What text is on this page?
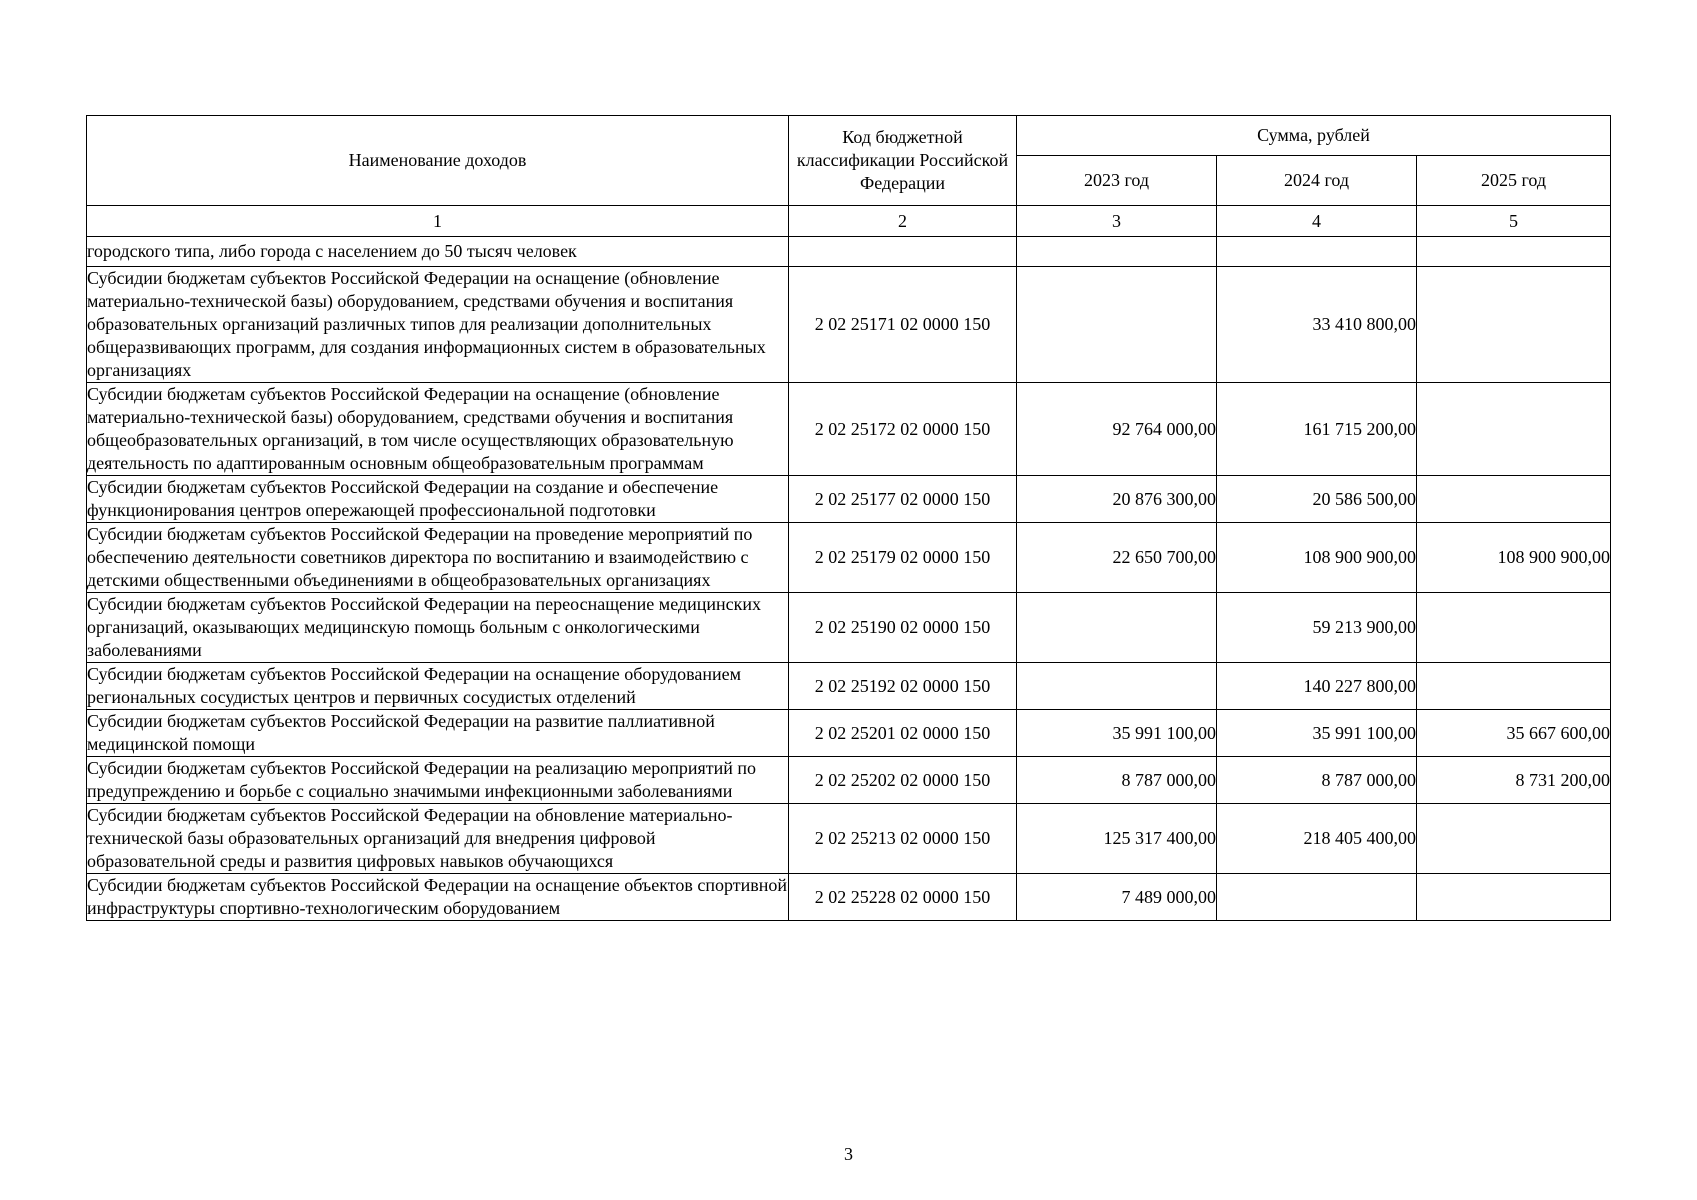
Наименование доходов	Код бюджетной классификации Российской Федерации	Сумма, рублей		
		2023 год	2024 год	2025 год
1	2	3	4	5
городского типа, либо города с населением до 50 тысяч человек				
Субсидии бюджетам субъектов Российской Федерации на оснащение (обновление материально-технической базы) оборудованием, средствами обучения и воспитания образовательных организаций различных типов для реализации дополнительных общеразвивающих программ, для создания информационных систем в образовательных организациях	2 02 25171 02 0000 150		33 410 800,00	
Субсидии бюджетам субъектов Российской Федерации на оснащение (обновление материально-технической базы) оборудованием, средствами обучения и воспитания общеобразовательных организаций, в том числе осуществляющих образовательную деятельность по адаптированным основным общеобразовательным программам	2 02 25172 02 0000 150	92 764 000,00	161 715 200,00	
Субсидии бюджетам субъектов Российской Федерации на создание и обеспечение функционирования центров опережающей профессиональной подготовки	2 02 25177 02 0000 150	20 876 300,00	20 586 500,00	
Субсидии бюджетам субъектов Российской Федерации на проведение мероприятий по обеспечению деятельности советников директора по воспитанию и взаимодействию с детскими общественными объединениями в общеобразовательных организациях	2 02 25179 02 0000 150	22 650 700,00	108 900 900,00	108 900 900,00
Субсидии бюджетам субъектов Российской Федерации на переоснащение медицинских организаций, оказывающих медицинскую помощь больным с онкологическими заболеваниями	2 02 25190 02 0000 150		59 213 900,00	
Субсидии бюджетам субъектов Российской Федерации на оснащение оборудованием региональных сосудистых центров и первичных сосудистых отделений	2 02 25192 02 0000 150		140 227 800,00	
Субсидии бюджетам субъектов Российской Федерации на развитие паллиативной медицинской помощи	2 02 25201 02 0000 150	35 991 100,00	35 991 100,00	35 667 600,00
Субсидии бюджетам субъектов Российской Федерации на реализацию мероприятий по предупреждению и борьбе с социально значимыми инфекционными заболеваниями	2 02 25202 02 0000 150	8 787 000,00	8 787 000,00	8 731 200,00
Субсидии бюджетам субъектов Российской Федерации на обновление материально-технической базы образовательных организаций для внедрения цифровой образовательной среды и развития цифровых навыков обучающихся	2 02 25213 02 0000 150	125 317 400,00	218 405 400,00	
Субсидии бюджетам субъектов Российской Федерации на оснащение объектов спортивной инфраструктуры спортивно-технологическим оборудованием	2 02 25228 02 0000 150	7 489 000,00		
3
